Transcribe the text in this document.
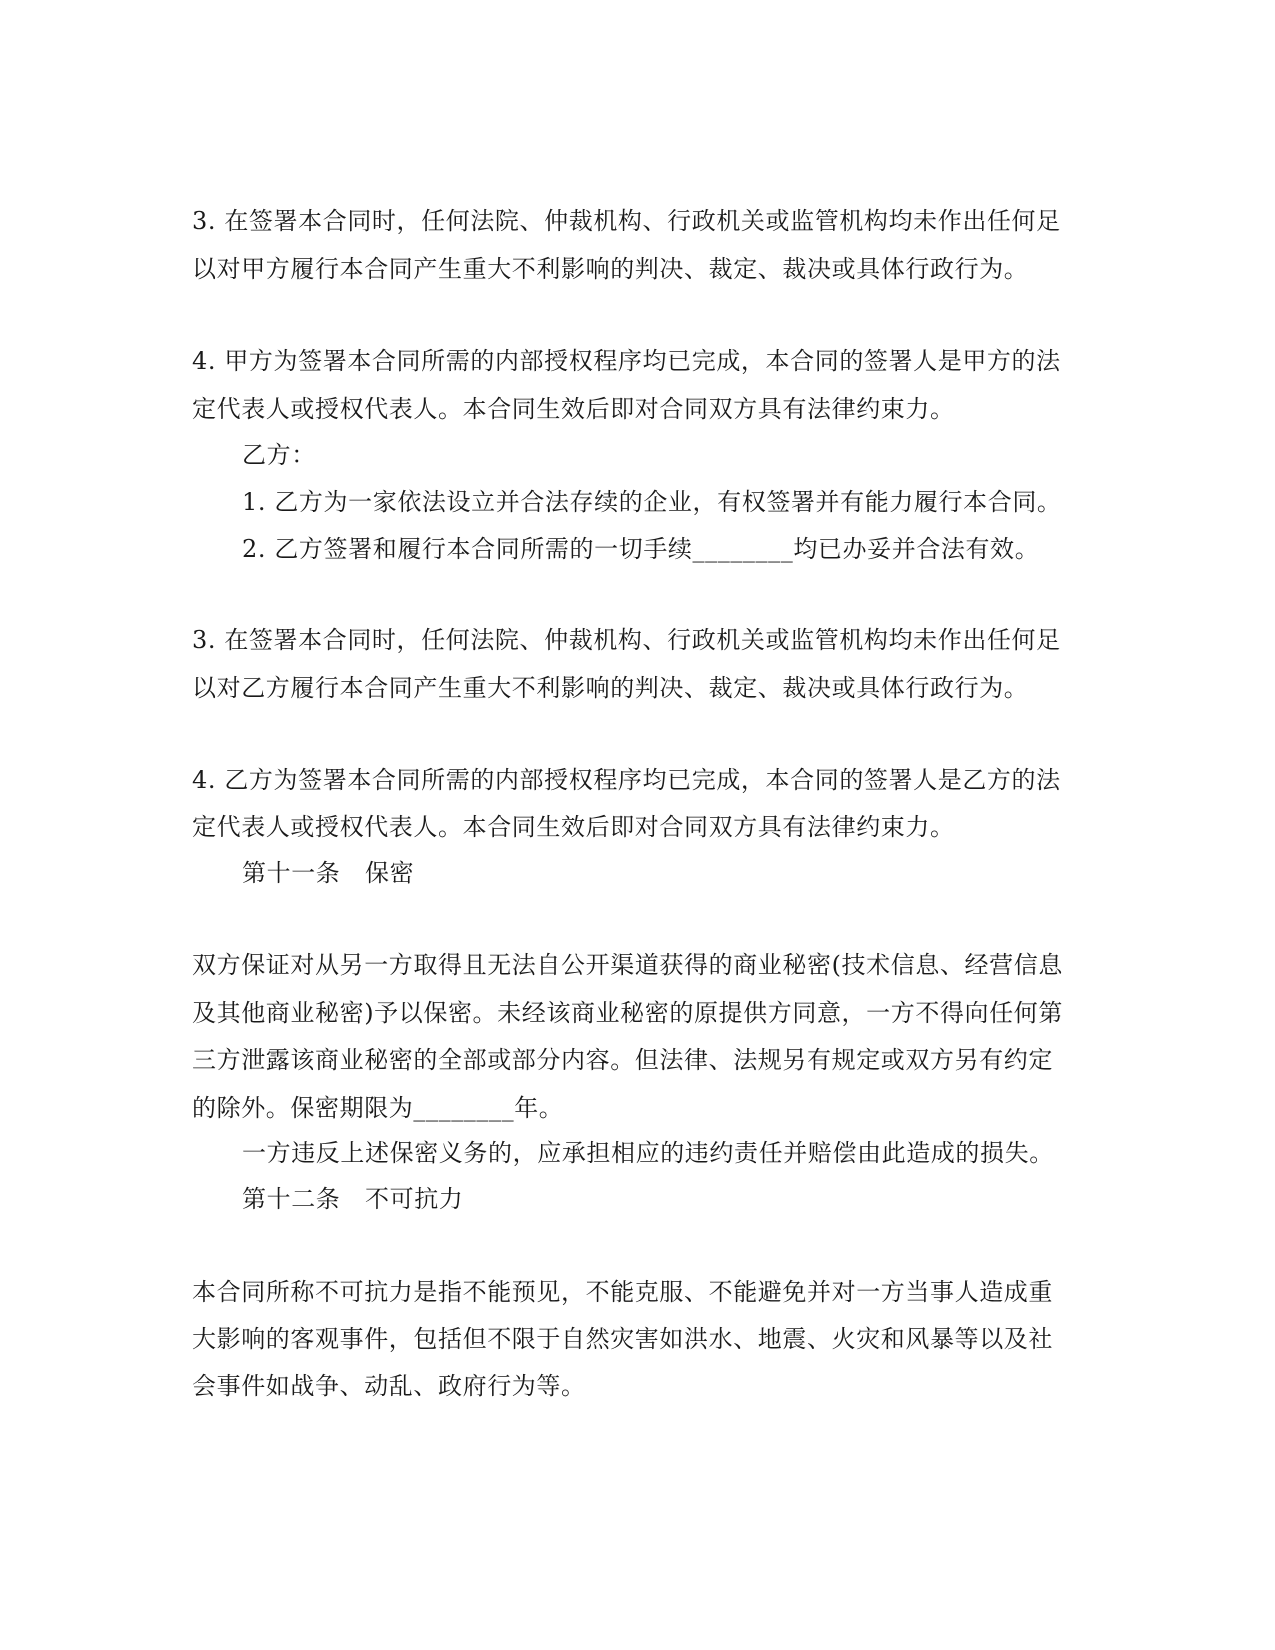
3. 在签署本合同时，任何法院、仲裁机构、行政机关或监管机构均未作出任何足
以对甲方履行本合同产生重大不利影响的判决、裁定、裁决或具体行政行为。
4. 甲方为签署本合同所需的内部授权程序均已完成，本合同的签署人是甲方的法
定代表人或授权代表人。本合同生效后即对合同双方具有法律约束力。
乙方：
1. 乙方为一家依法设立并合法存续的企业，有权签署并有能力履行本合同。
2. 乙方签署和履行本合同所需的一切手续________均已办妥并合法有效。
3. 在签署本合同时，任何法院、仲裁机构、行政机关或监管机构均未作出任何足
以对乙方履行本合同产生重大不利影响的判决、裁定、裁决或具体行政行为。
4. 乙方为签署本合同所需的内部授权程序均已完成，本合同的签署人是乙方的法
定代表人或授权代表人。本合同生效后即对合同双方具有法律约束力。
第十一条　保密
双方保证对从另一方取得且无法自公开渠道获得的商业秘密(技术信息、经营信息
及其他商业秘密)予以保密。未经该商业秘密的原提供方同意，一方不得向任何第
三方泄露该商业秘密的全部或部分内容。但法律、法规另有规定或双方另有约定
的除外。保密期限为________年。
一方违反上述保密义务的，应承担相应的违约责任并赔偿由此造成的损失。
第十二条　不可抗力
本合同所称不可抗力是指不能预见，不能克服、不能避免并对一方当事人造成重
大影响的客观事件，包括但不限于自然灾害如洪水、地震、火灾和风暴等以及社
会事件如战争、动乱、政府行为等。
